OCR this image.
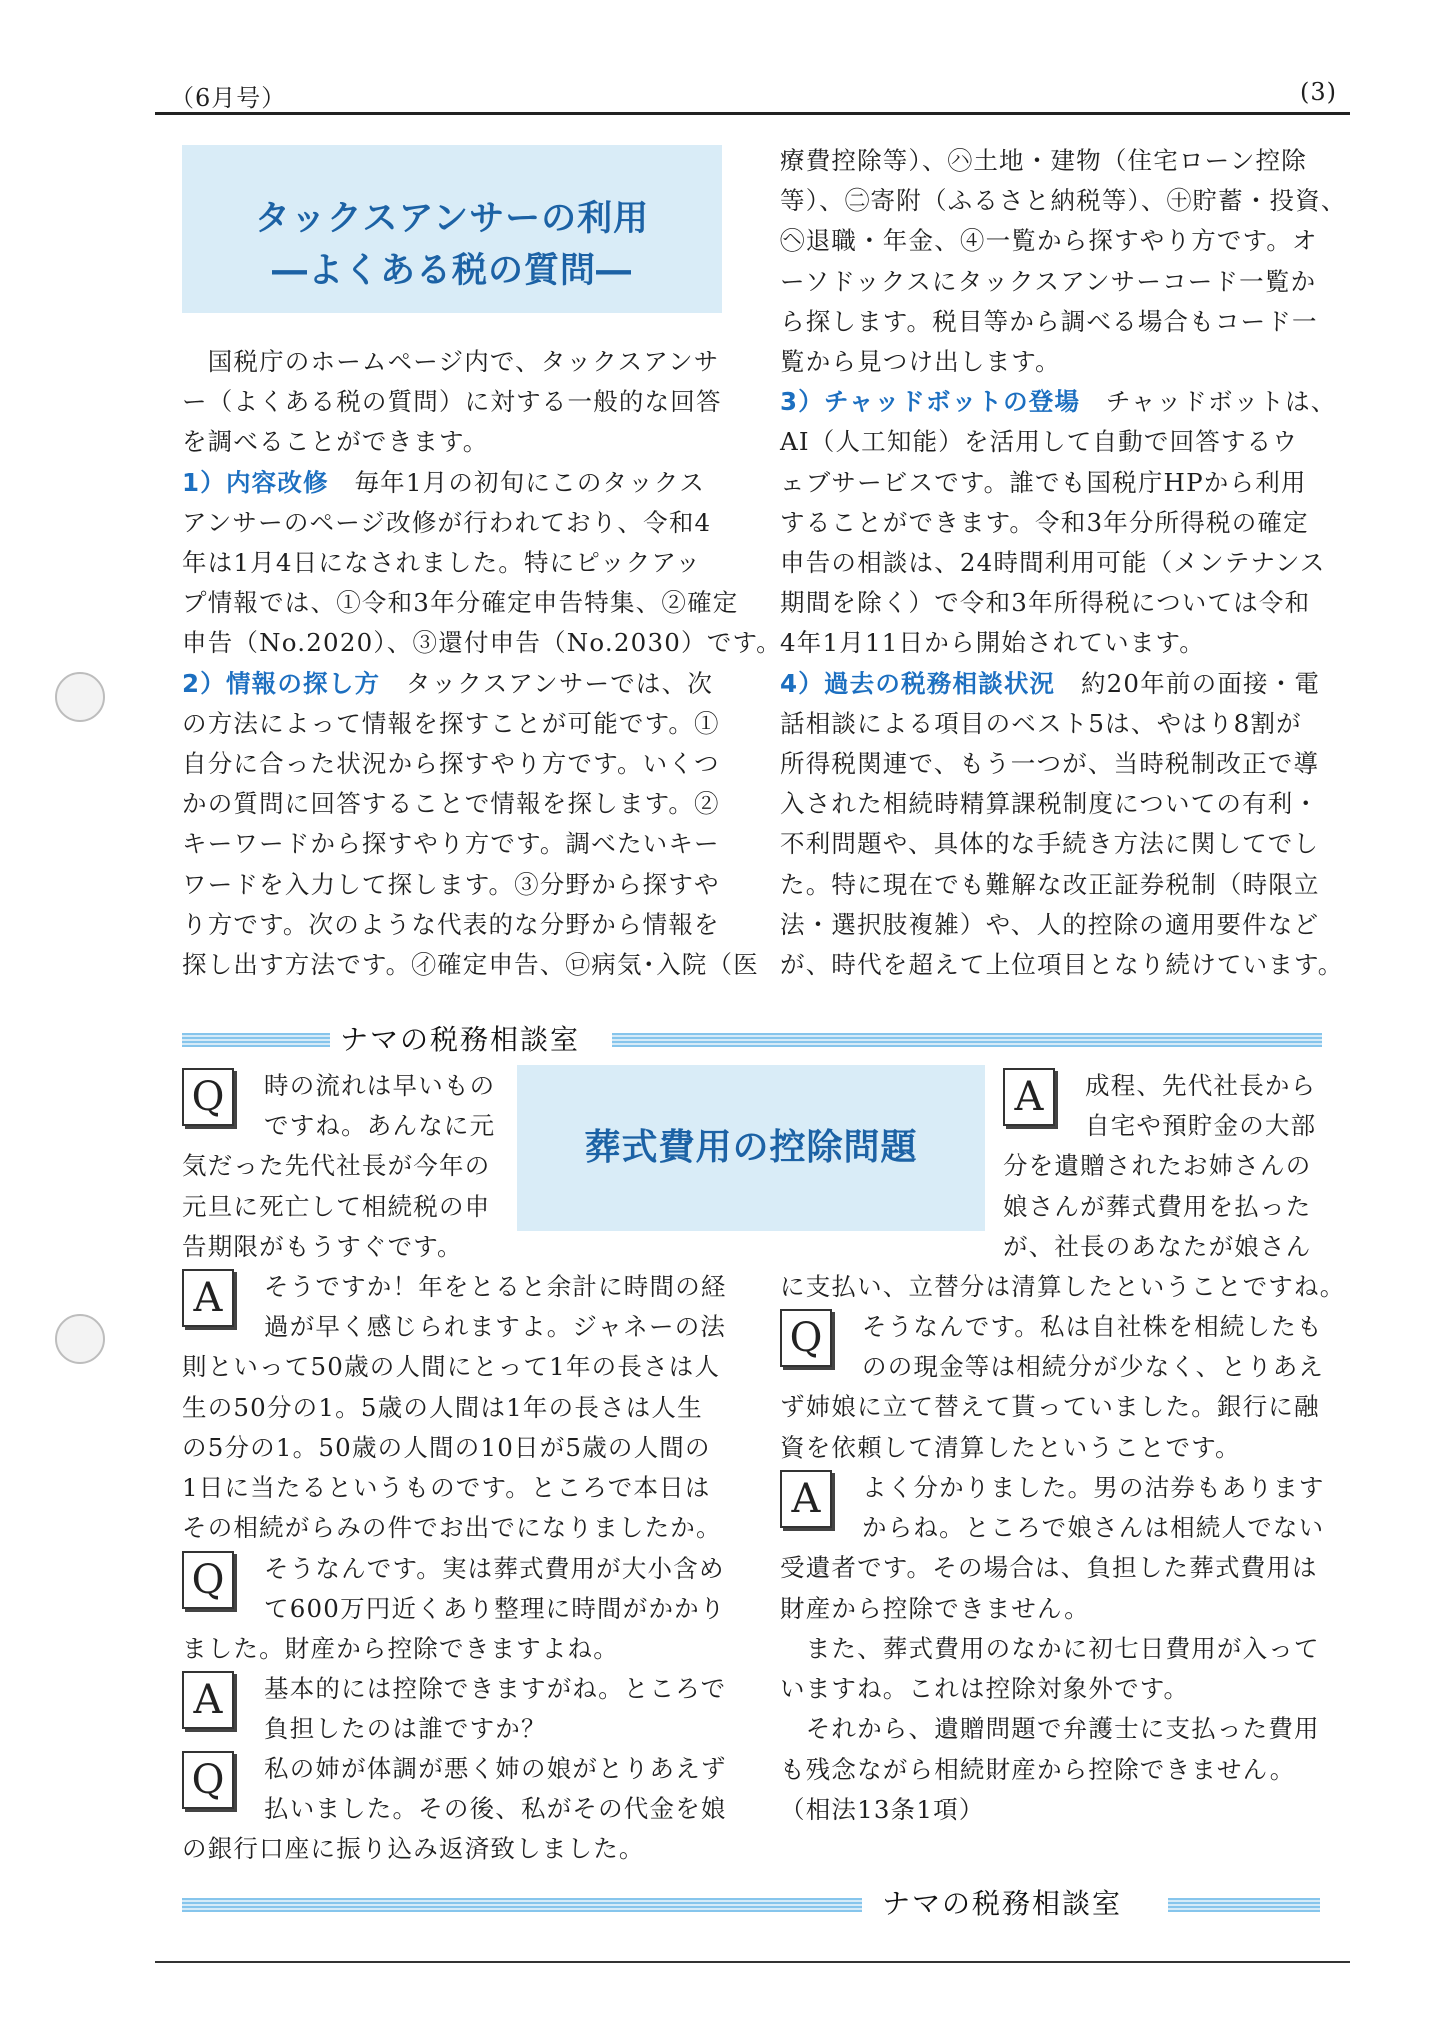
（6月号）	(3)
タックスアンサーの利用
―よくある税の質問―
　国税庁のホームページ内で、タックスアンサ
ー（よくある税の質問）に対する一般的な回答
を調べることができます。
1）内容改修　毎年1月の初旬にこのタックス
アンサーのページ改修が行われており、令和4
年は1月4日になされました。特にピックアッ
プ情報では、①令和3年分確定申告特集、②確定
申告（No.2020）、③還付申告（No.2030）です。
2）情報の探し方　タックスアンサーでは、次
の方法によって情報を探すことが可能です。①
自分に合った状況から探すやり方です。いくつ
かの質問に回答することで情報を探します。②
キーワードから探すやり方です。調べたいキー
ワードを入力して探します。③分野から探すや
り方です。次のような代表的な分野から情報を
探し出す方法です。㋑確定申告、㋺病気･入院（医
療費控除等）、㋩土地・建物（住宅ローン控除
等）、㊁寄附（ふるさと納税等）、㊉貯蓄・投資、
㋬退職・年金、④一覧から探すやり方です。オ
ーソドックスにタックスアンサーコード一覧か
ら探します。税目等から調べる場合もコード一
覧から見つけ出します。
3）チャッドボットの登場　チャッドボットは、
AI（人工知能）を活用して自動で回答するウ
ェブサービスです。誰でも国税庁HPから利用
することができます。令和3年分所得税の確定
申告の相談は、24時間利用可能（メンテナンス
期間を除く）で令和3年所得税については令和
4年1月11日から開始されています。
4）過去の税務相談状況　約20年前の面接・電
話相談による項目のベスト5は、やはり8割が
所得税関連で、もう一つが、当時税制改正で導
入された相続時精算課税制度についての有利・
不利問題や、具体的な手続き方法に関してでし
た。特に現在でも難解な改正証券税制（時限立
法・選択肢複雑）や、人的控除の適用要件など
が、時代を超えて上位項目となり続けています。
ナマの税務相談室
葬式費用の控除問題
Q	時の流れは早いもの
ですね。あんなに元
気だった先代社長が今年の
元旦に死亡して相続税の申
告期限がもうすぐです。
A	そうですか！年をとると余計に時間の経
過が早く感じられますよ。ジャネーの法
則といって50歳の人間にとって1年の長さは人
生の50分の1。5歳の人間は1年の長さは人生
の5分の1。50歳の人間の10日が5歳の人間の
1日に当たるというものです。ところで本日は
その相続がらみの件でお出でになりましたか。
Q	そうなんです。実は葬式費用が大小含め
て600万円近くあり整理に時間がかかり
ました。財産から控除できますよね。
A	基本的には控除できますがね。ところで
負担したのは誰ですか？
Q	私の姉が体調が悪く姉の娘がとりあえず
払いました。その後、私がその代金を娘
の銀行口座に振り込み返済致しました。
A	成程、先代社長から
自宅や預貯金の大部
分を遺贈されたお姉さんの
娘さんが葬式費用を払った
が、社長のあなたが娘さん
に支払い、立替分は清算したということですね。
Q	そうなんです。私は自社株を相続したも
のの現金等は相続分が少なく、とりあえ
ず姉娘に立て替えて貰っていました。銀行に融
資を依頼して清算したということです。
A	よく分かりました。男の沽券もあります
からね。ところで娘さんは相続人でない
受遺者です。その場合は、負担した葬式費用は
財産から控除できません。
　また、葬式費用のなかに初七日費用が入って
いますね。これは控除対象外です。
　それから、遺贈問題で弁護士に支払った費用
も残念ながら相続財産から控除できません。
（相法13条1項）
ナマの税務相談室
